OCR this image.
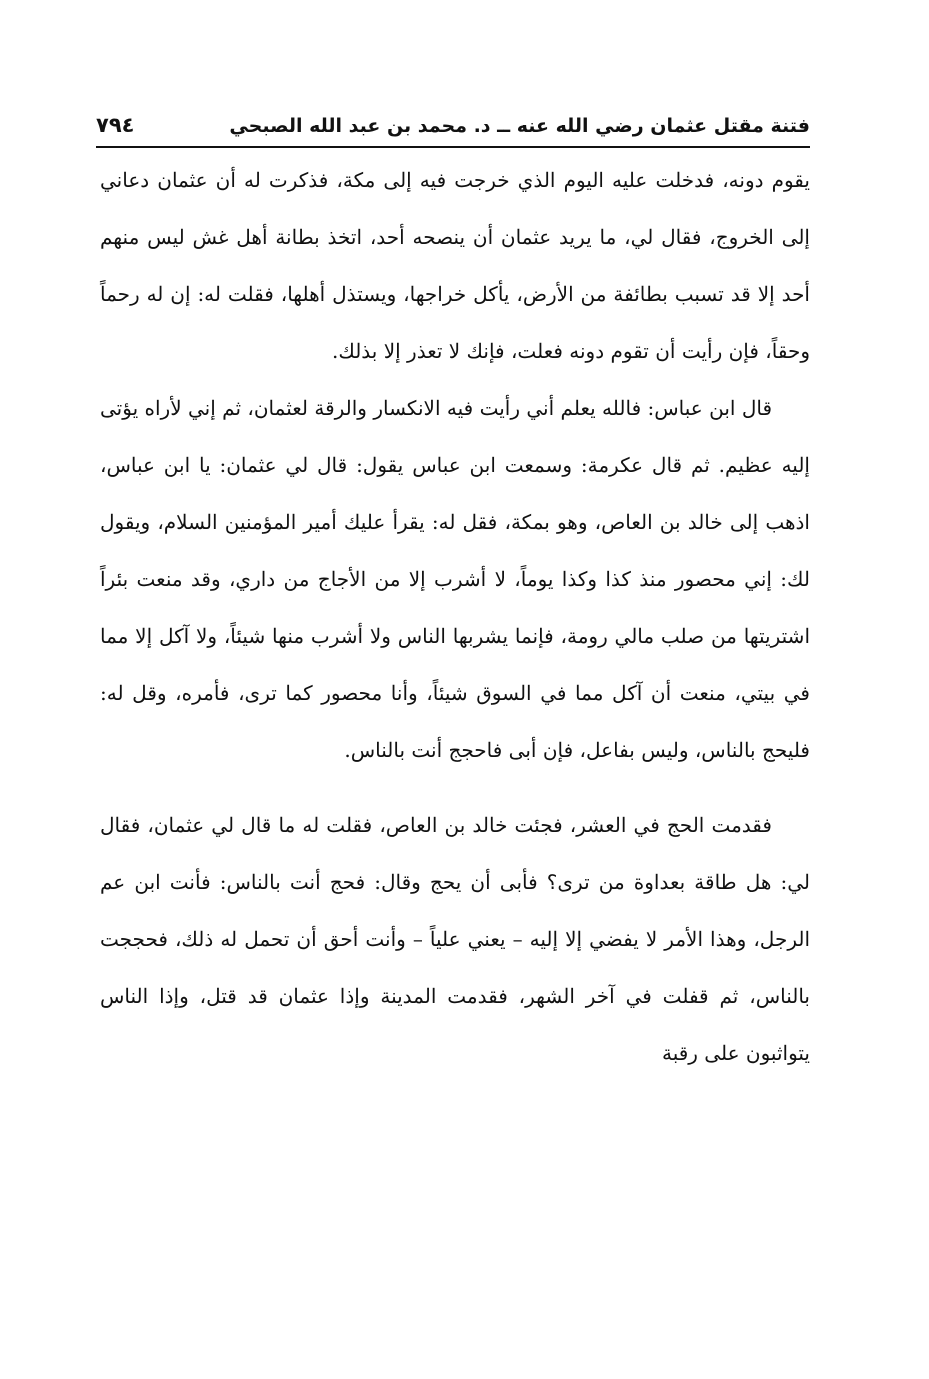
فتنة مقتل عثمان رضي الله عنه ــ د. محمد بن عبد الله الصبحي
٧٩٤

يقوم دونه، فدخلت عليه اليوم الذي خرجت فيه إلى مكة، فذكرت له أن عثمان دعاني إلى الخروج، فقال لي، ما يريد عثمان أن ينصحه أحد، اتخذ بطانة أهل غش ليس منهم أحد إلا قد تسبب بطائفة من الأرض، يأكل خراجها، ويستذل أهلها، فقلت له: إن له رحماً وحقاً، فإن رأيت أن تقوم دونه فعلت، فإنك لا تعذر إلا بذلك.

قال ابن عباس: فالله يعلم أني رأيت فيه الانكسار والرقة لعثمان، ثم إني لأراه يؤتى إليه عظيم. ثم قال عكرمة: وسمعت ابن عباس يقول: قال لي عثمان: يا ابن عباس، اذهب إلى خالد بن العاص، وهو بمكة، فقل له: يقرأ عليك أمير المؤمنين السلام، ويقول لك: إني محصور منذ كذا وكذا يوماً، لا أشرب إلا من الأجاج من داري، وقد منعت بئراً اشتريتها من صلب مالي رومة، فإنما يشربها الناس ولا أشرب منها شيئاً، ولا آكل إلا مما في بيتي، منعت أن آكل مما في السوق شيئاً، وأنا محصور كما ترى، فأمره، وقل له: فليحج بالناس، وليس بفاعل، فإن أبى فاحجج أنت بالناس.

فقدمت الحج في العشر، فجئت خالد بن العاص، فقلت له ما قال لي عثمان، فقال لي: هل طاقة بعداوة من ترى؟ فأبى أن يحج وقال: فحج أنت بالناس: فأنت ابن عم الرجل، وهذا الأمر لا يفضي إلا إليه – يعني علياً – وأنت أحق أن تحمل له ذلك، فحججت بالناس، ثم قفلت في آخر الشهر، فقدمت المدينة وإذا عثمان قد قتل، وإذا الناس يتواثبون على رقبة
